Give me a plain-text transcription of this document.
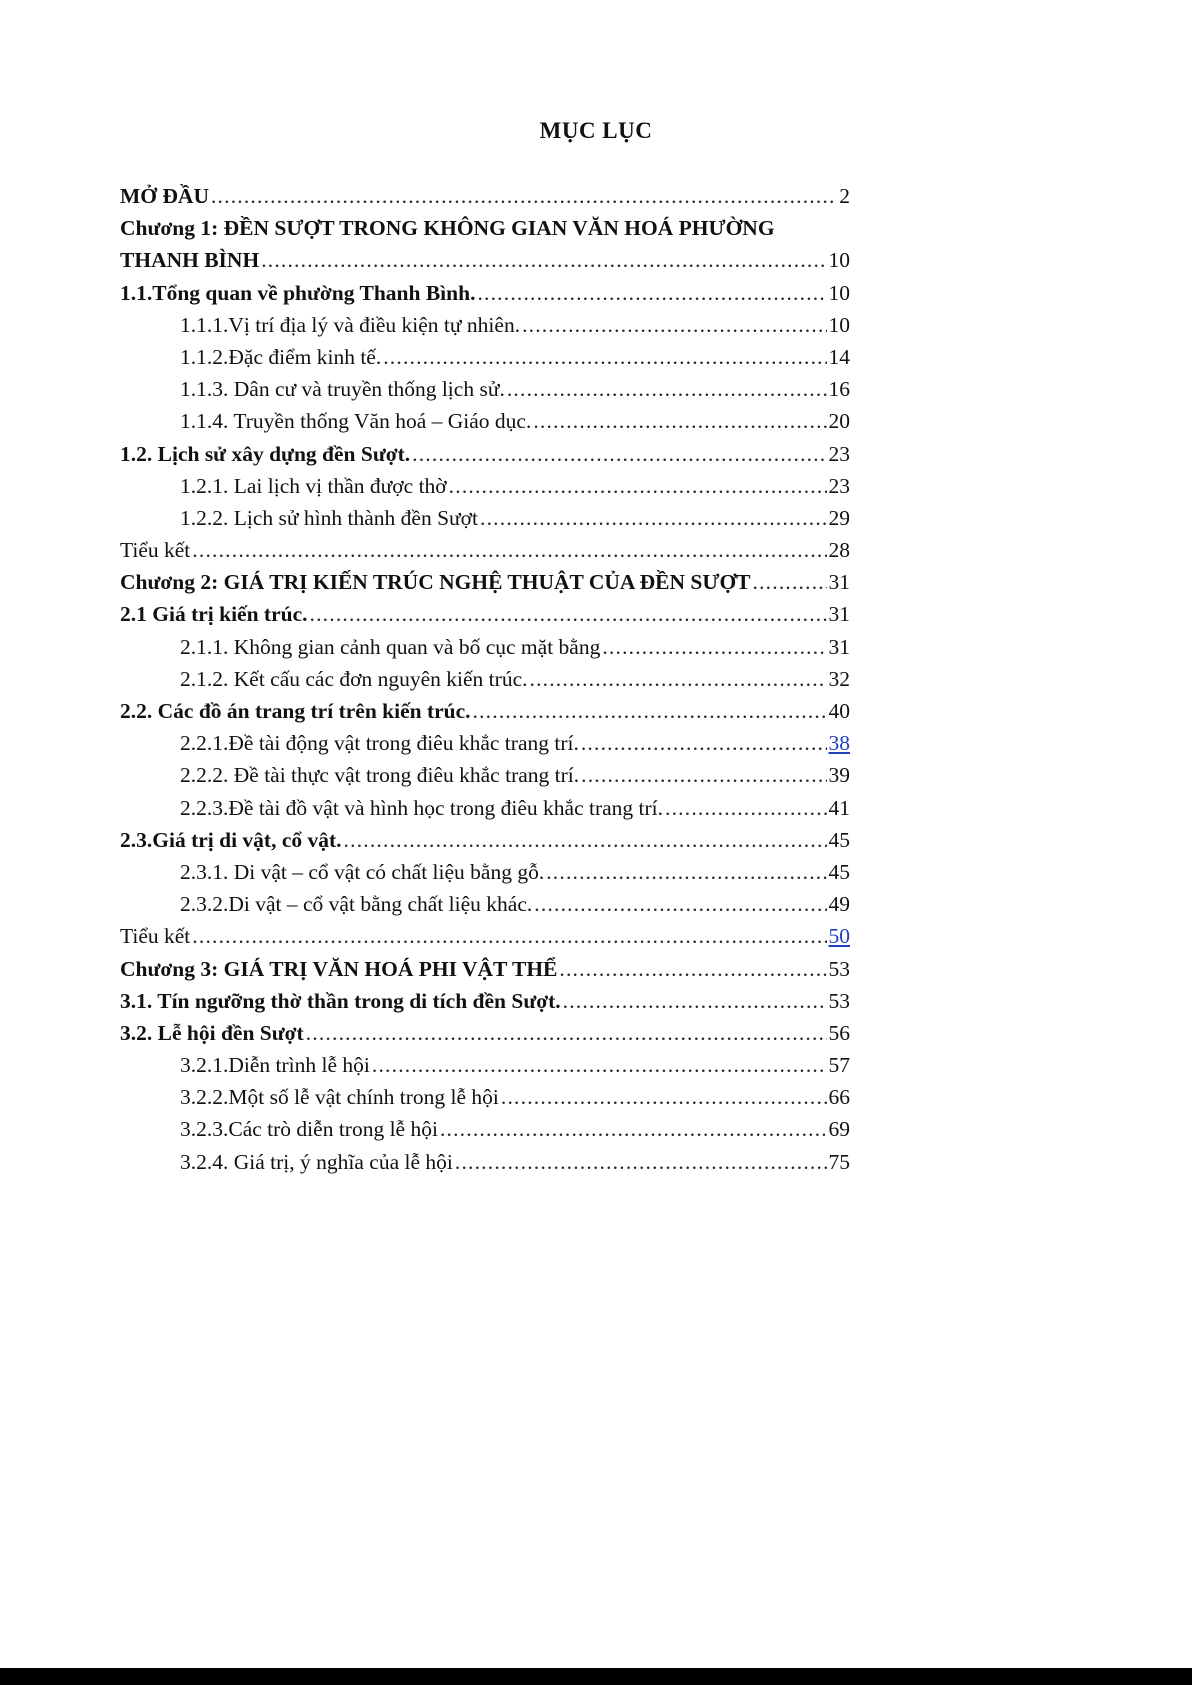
MỤC LỤC
MỞ ĐẦU .....	2
Chương 1: ĐỀN SƯỢT TRONG KHÔNG GIAN VĂN HOÁ PHƯỜNG
THANH BÌNH .....	10
1.1.Tổng quan về phường Thanh Bình. .....	10
1.1.1.Vị trí địa lý và điều kiện tự nhiên. .....	10
1.1.2.Đặc điểm kinh tế. .....	14
1.1.3. Dân cư và truyền thống lịch sử. .....	16
1.1.4. Truyền thống Văn hoá – Giáo dục. .....	20
1.2. Lịch sử xây dựng đền Sượt. .....	23
1.2.1. Lai lịch vị thần được thờ .....	23
1.2.2. Lịch sử hình thành đền Sượt .....	29
Tiểu kết .....	28
Chương 2: GIÁ TRỊ KIẾN TRÚC NGHỆ THUẬT CỦA ĐỀN SƯỢT .....	31
2.1 Giá trị kiến trúc. .....	31
2.1.1. Không gian cảnh quan và bố cục mặt bằng .....	31
2.1.2. Kết cấu các đơn nguyên kiến trúc. .....	32
2.2. Các đồ án trang trí trên kiến trúc. .....	40
2.2.1.Đề tài động vật trong điêu khắc trang trí. .....	38
2.2.2. Đề tài thực vật trong điêu khắc trang trí. .....	39
2.2.3.Đề tài đồ vật và hình học trong điêu khắc trang trí. .....	41
2.3.Giá trị di vật, cổ vật. .....	45
2.3.1. Di vật – cổ vật có chất liệu bằng gỗ. .....	45
2.3.2.Di vật – cổ vật bằng chất liệu khác. .....	49
Tiểu kết .....	50
Chương 3: GIÁ TRỊ VĂN HOÁ PHI VẬT THỂ .....	53
3.1. Tín ngưỡng thờ thần trong di tích đền Sượt. .....	53
3.2. Lễ hội đền Sượt .....	56
3.2.1.Diễn trình lễ hội .....	57
3.2.2.Một số lễ vật chính trong lễ hội .....	66
3.2.3.Các trò diễn trong lễ hội .....	69
3.2.4. Giá trị, ý nghĩa của lễ hội .....	75
